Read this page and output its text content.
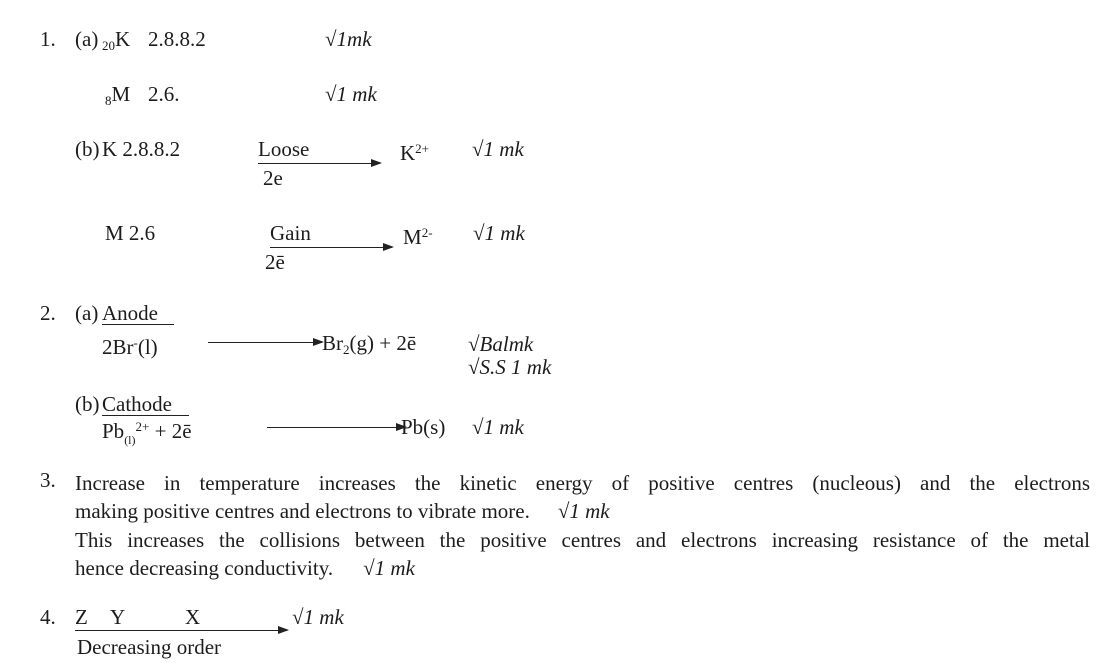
1. (a) $_{20}$K 2.8.8.2	√1mk
$_8$M 2.6.	√1 mk
(b) K 2.8.8.2	Loose
2e
$K^{2+}$ √1 mk
M 2.6	Gain
2ē
$M^{2-}$ √1 mk
2. (a) Anode
2Br-(l)	$Br_2(g)$ + 2ē √Balmk
√S.S 1 mk
(b) Cathode
$Pb_{(l)}^{2+}$ + 2ē	Pb(s) √1 mk
3. Increase in temperature increases the kinetic energy of positive centres (nucleous) and the electrons
making positive centres and electrons to vibrate more. √1 mk
This increases the collisions between the positive centres and electrons increasing resistance of the metal
hence decreasing conductivity. √1 mk
4. Z Y	X	√1 mk
Decreasing order
